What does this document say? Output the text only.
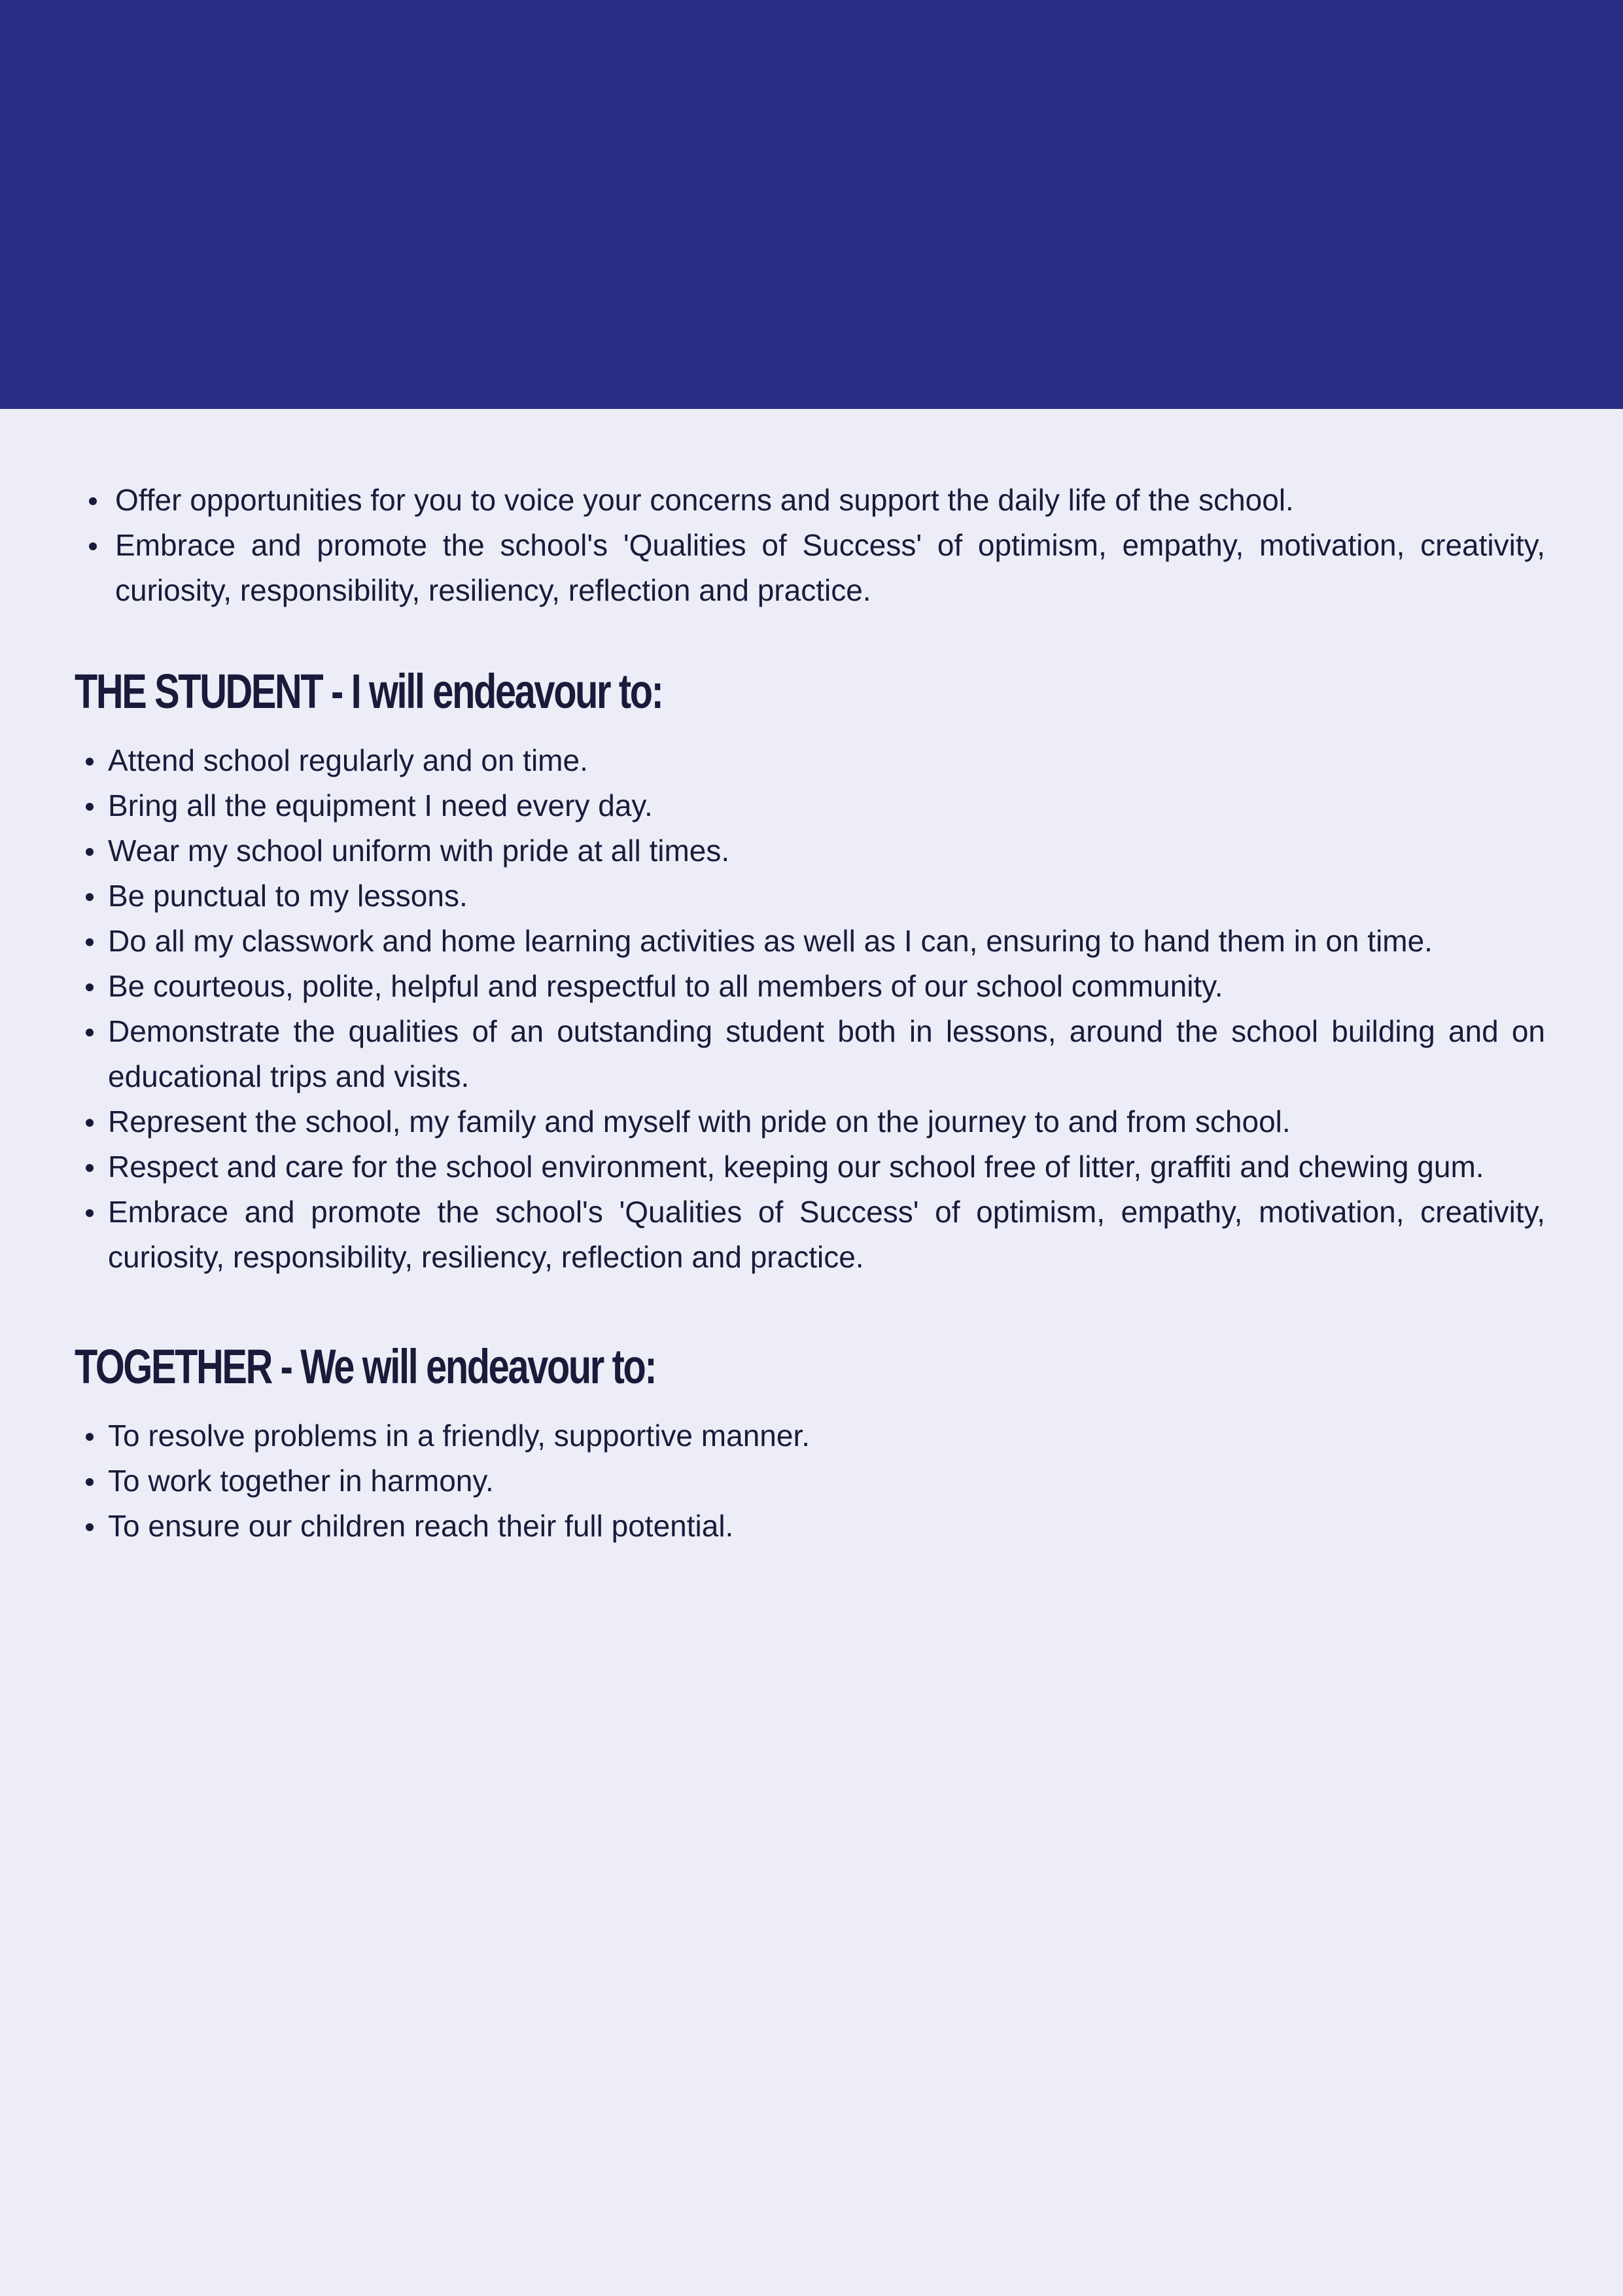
Offer opportunities for you to voice your concerns and support the daily life of the school.
Embrace and promote the school's 'Qualities of Success' of optimism, empathy, motivation, creativity, curiosity, responsibility, resiliency, reflection and practice.
THE STUDENT - I will endeavour to:
Attend school regularly and on time.
Bring all the equipment I need every day.
Wear my school uniform with pride at all times.
Be punctual to my lessons.
Do all my classwork and home learning activities as well as I can, ensuring to hand them in on time.
Be courteous, polite, helpful and respectful to all members of our school community.
Demonstrate the qualities of an outstanding student both in lessons, around the school building and on educational trips and visits.
Represent the school, my family and myself with pride on the journey to and from school.
Respect and care for the school environment, keeping our school free of litter, graffiti and chewing gum.
Embrace and promote the school's 'Qualities of Success' of optimism, empathy, motivation, creativity, curiosity, responsibility, resiliency, reflection and practice.
TOGETHER - We will endeavour to:
To resolve problems in a friendly, supportive manner.
To work together in harmony.
To ensure our children reach their full potential.
